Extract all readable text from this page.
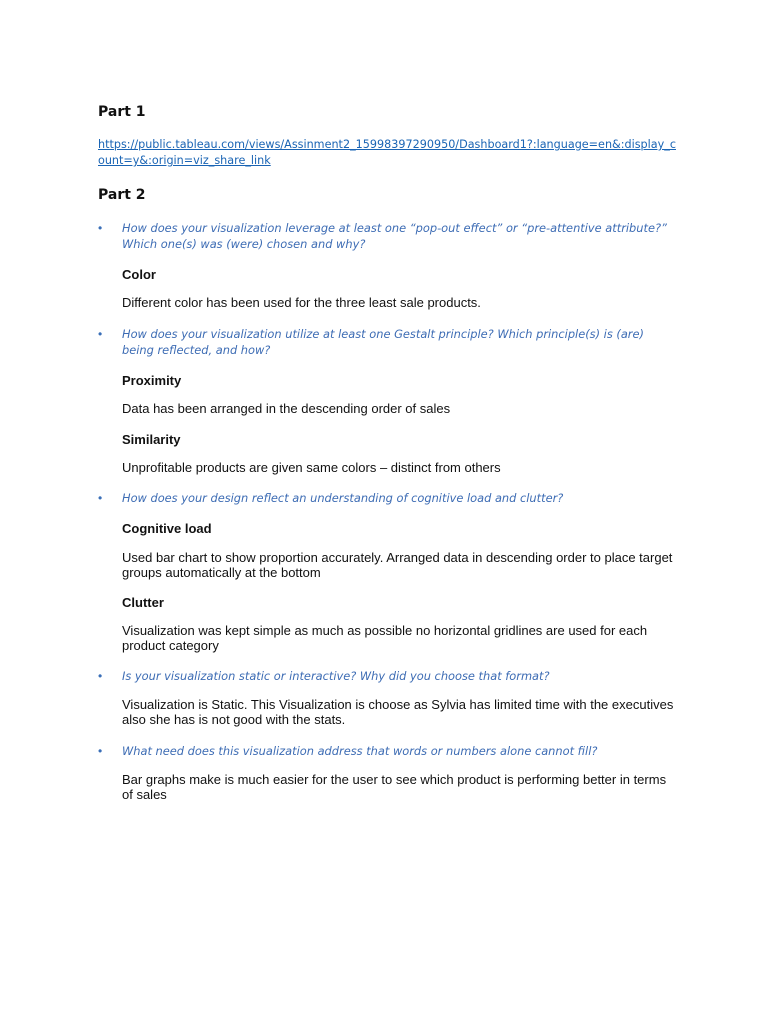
Part 1
https://public.tableau.com/views/Assinment2_15998397290950/Dashboard1?:language=en&:display_count=y&:origin=viz_share_link
Part 2
•	How does your visualization leverage at least one “pop-out effect” or “pre-attentive attribute?” Which one(s) was (were) chosen and why?
Color
Different color has been used for the three least sale products.
•	How does your visualization utilize at least one Gestalt principle? Which principle(s) is (are) being reflected, and how?
Proximity
Data has been arranged in the descending order of sales
Similarity
Unprofitable products are given same colors – distinct from others
•	How does your design reflect an understanding of cognitive load and clutter?
Cognitive load
Used bar chart to show proportion accurately. Arranged data in descending order to place target groups automatically at the bottom
Clutter
Visualization was kept simple as much as possible no horizontal gridlines are used for each product category
•	Is your visualization static or interactive? Why did you choose that format?
Visualization is Static. This Visualization is choose as Sylvia has limited time with the executives also she has is not good with the stats.
•	What need does this visualization address that words or numbers alone cannot fill?
Bar graphs make is much easier for the user to see which product is performing better in terms of sales
